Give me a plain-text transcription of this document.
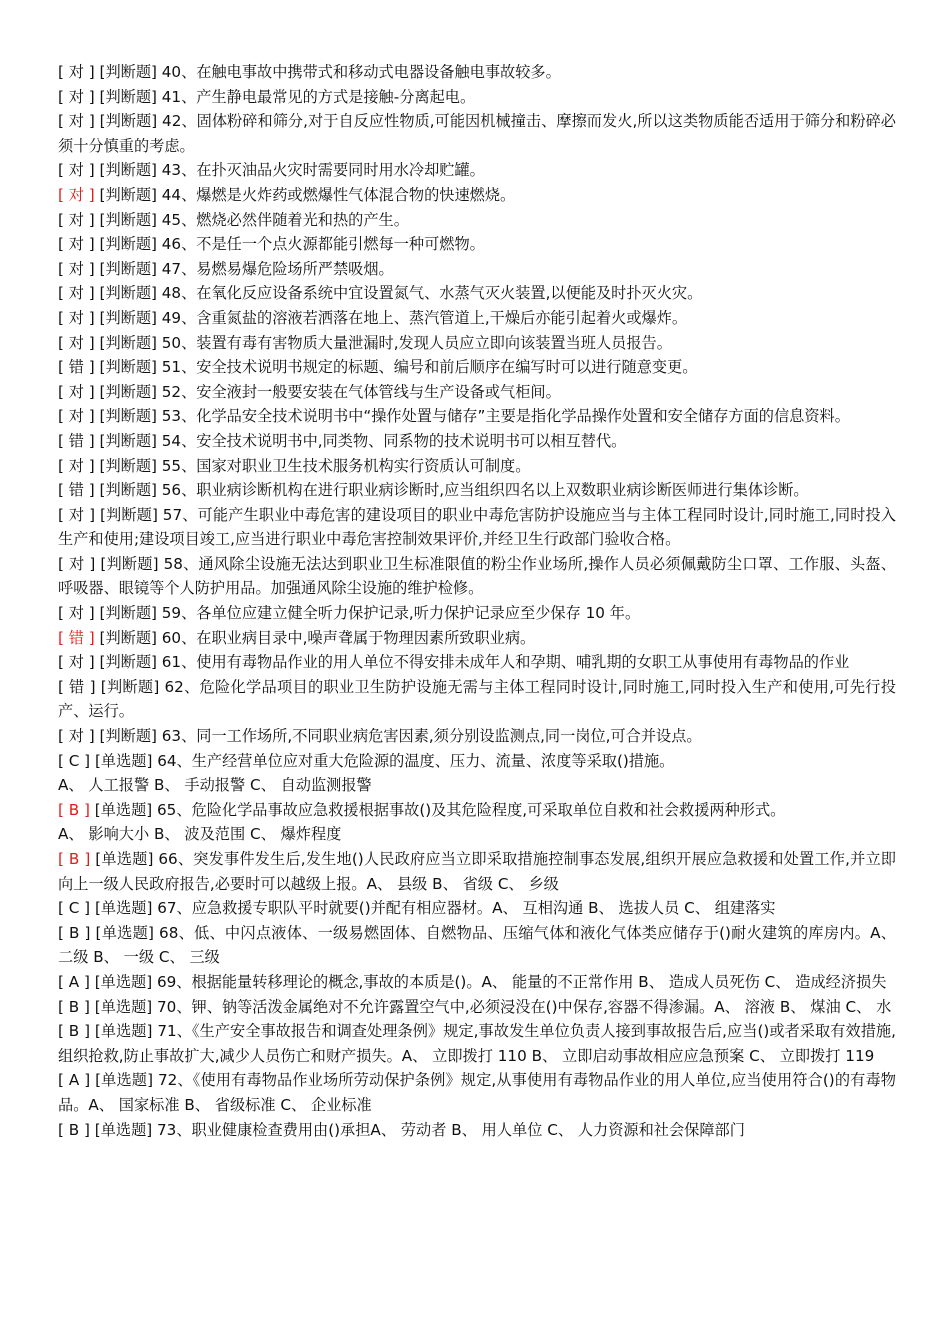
[ 对 ] [判断题] 40、在触电事故中携带式和移动式电器设备触电事故较多。
[ 对 ] [判断题] 41、产生静电最常见的方式是接触-分离起电。
[ 对 ] [判断题] 42、固体粉碎和筛分,对于自反应性物质,可能因机械撞击、摩擦而发火,所以这类物质能否适用于筛分和粉碎必须十分慎重的考虑。
[ 对 ] [判断题] 43、在扑灭油品火灾时需要同时用水冷却贮罐。
[ 对 ] [判断题] 44、爆燃是火炸药或燃爆性气体混合物的快速燃烧。
[ 对 ] [判断题] 45、燃烧必然伴随着光和热的产生。
[ 对 ] [判断题] 46、不是任一个点火源都能引燃每一种可燃物。
[ 对 ] [判断题] 47、易燃易爆危险场所严禁吸烟。
[ 对 ] [判断题] 48、在氧化反应设备系统中宜设置氮气、水蒸气灭火装置,以便能及时扑灭火灾。
[ 对 ] [判断题] 49、含重氮盐的溶液若洒落在地上、蒸汽管道上,干燥后亦能引起着火或爆炸。
[ 对 ] [判断题] 50、装置有毒有害物质大量泄漏时,发现人员应立即向该装置当班人员报告。
[ 错 ] [判断题] 51、安全技术说明书规定的标题、编号和前后顺序在编写时可以进行随意变更。
[ 对 ] [判断题] 52、安全液封一般要安装在气体管线与生产设备或气柜间。
[ 对 ] [判断题] 53、化学品安全技术说明书中“操作处置与储存”主要是指化学品操作处置和安全储存方面的信息资料。
[ 错 ] [判断题] 54、安全技术说明书中,同类物、同系物的技术说明书可以相互替代。
[ 对 ] [判断题] 55、国家对职业卫生技术服务机构实行资质认可制度。
[ 错 ] [判断题] 56、职业病诊断机构在进行职业病诊断时,应当组织四名以上双数职业病诊断医师进行集体诊断。
[ 对 ] [判断题] 57、可能产生职业中毒危害的建设项目的职业中毒危害防护设施应当与主体工程同时设计,同时施工,同时投入生产和使用;建设项目竣工,应当进行职业中毒危害控制效果评价,并经卫生行政部门验收合格。
[ 对 ] [判断题] 58、通风除尘设施无法达到职业卫生标准限值的粉尘作业场所,操作人员必须佩戴防尘口罩、工作服、头盔、呼吸器、眼镜等个人防护用品。加强通风除尘设施的维护检修。
[ 对 ] [判断题] 59、各单位应建立健全听力保护记录,听力保护记录应至少保存 10 年。
[ 错 ] [判断题] 60、在职业病目录中,噪声聋属于物理因素所致职业病。
[ 对 ] [判断题] 61、使用有毒物品作业的用人单位不得安排未成年人和孕期、哺乳期的女职工从事使用有毒物品的作业
[ 错 ] [判断题] 62、危险化学品项目的职业卫生防护设施无需与主体工程同时设计,同时施工,同时投入生产和使用,可先行投产、运行。
[ 对 ] [判断题] 63、同一工作场所,不同职业病危害因素,须分别设监测点,同一岗位,可合并设点。
[ C ] [单选题] 64、生产经营单位应对重大危险源的温度、压力、流量、浓度等采取()措施。
A、 人工报警 B、 手动报警 C、 自动监测报警
[ B ] [单选题] 65、危险化学品事故应急救援根据事故()及其危险程度,可采取单位自救和社会救援两种形式。
A、 影响大小 B、 波及范围 C、 爆炸程度
[ B ] [单选题] 66、突发事件发生后,发生地()人民政府应当立即采取措施控制事态发展,组织开展应急救援和处置工作,并立即向上一级人民政府报告,必要时可以越级上报。A、 县级 B、 省级 C、 乡级
[ C ] [单选题] 67、应急救援专职队平时就要()并配有相应器材。A、 互相沟通 B、 选拔人员 C、 组建落实
[ B ] [单选题] 68、低、中闪点液体、一级易燃固体、自燃物品、压缩气体和液化气体类应储存于()耐火建筑的库房内。A、 二级 B、 一级 C、 三级
[ A ] [单选题] 69、根据能量转移理论的概念,事故的本质是()。A、 能量的不正常作用 B、 造成人员死伤 C、 造成经济损失
[ B ] [单选题] 70、钾、钠等活泼金属绝对不允许露置空气中,必须浸没在()中保存,容器不得渗漏。A、 溶液 B、 煤油 C、 水
[ B ] [单选题] 71、《生产安全事故报告和调查处理条例》规定,事故发生单位负责人接到事故报告后,应当()或者采取有效措施,组织抢救,防止事故扩大,减少人员伤亡和财产损失。A、 立即拨打 110 B、 立即启动事故相应应急预案 C、 立即拨打 119
[ A ] [单选题] 72、《使用有毒物品作业场所劳动保护条例》规定,从事使用有毒物品作业的用人单位,应当使用符合()的有毒物品。A、 国家标准 B、 省级标准 C、 企业标准
[ B ] [单选题] 73、职业健康检查费用由()承担A、 劳动者 B、 用人单位 C、 人力资源和社会保障部门
